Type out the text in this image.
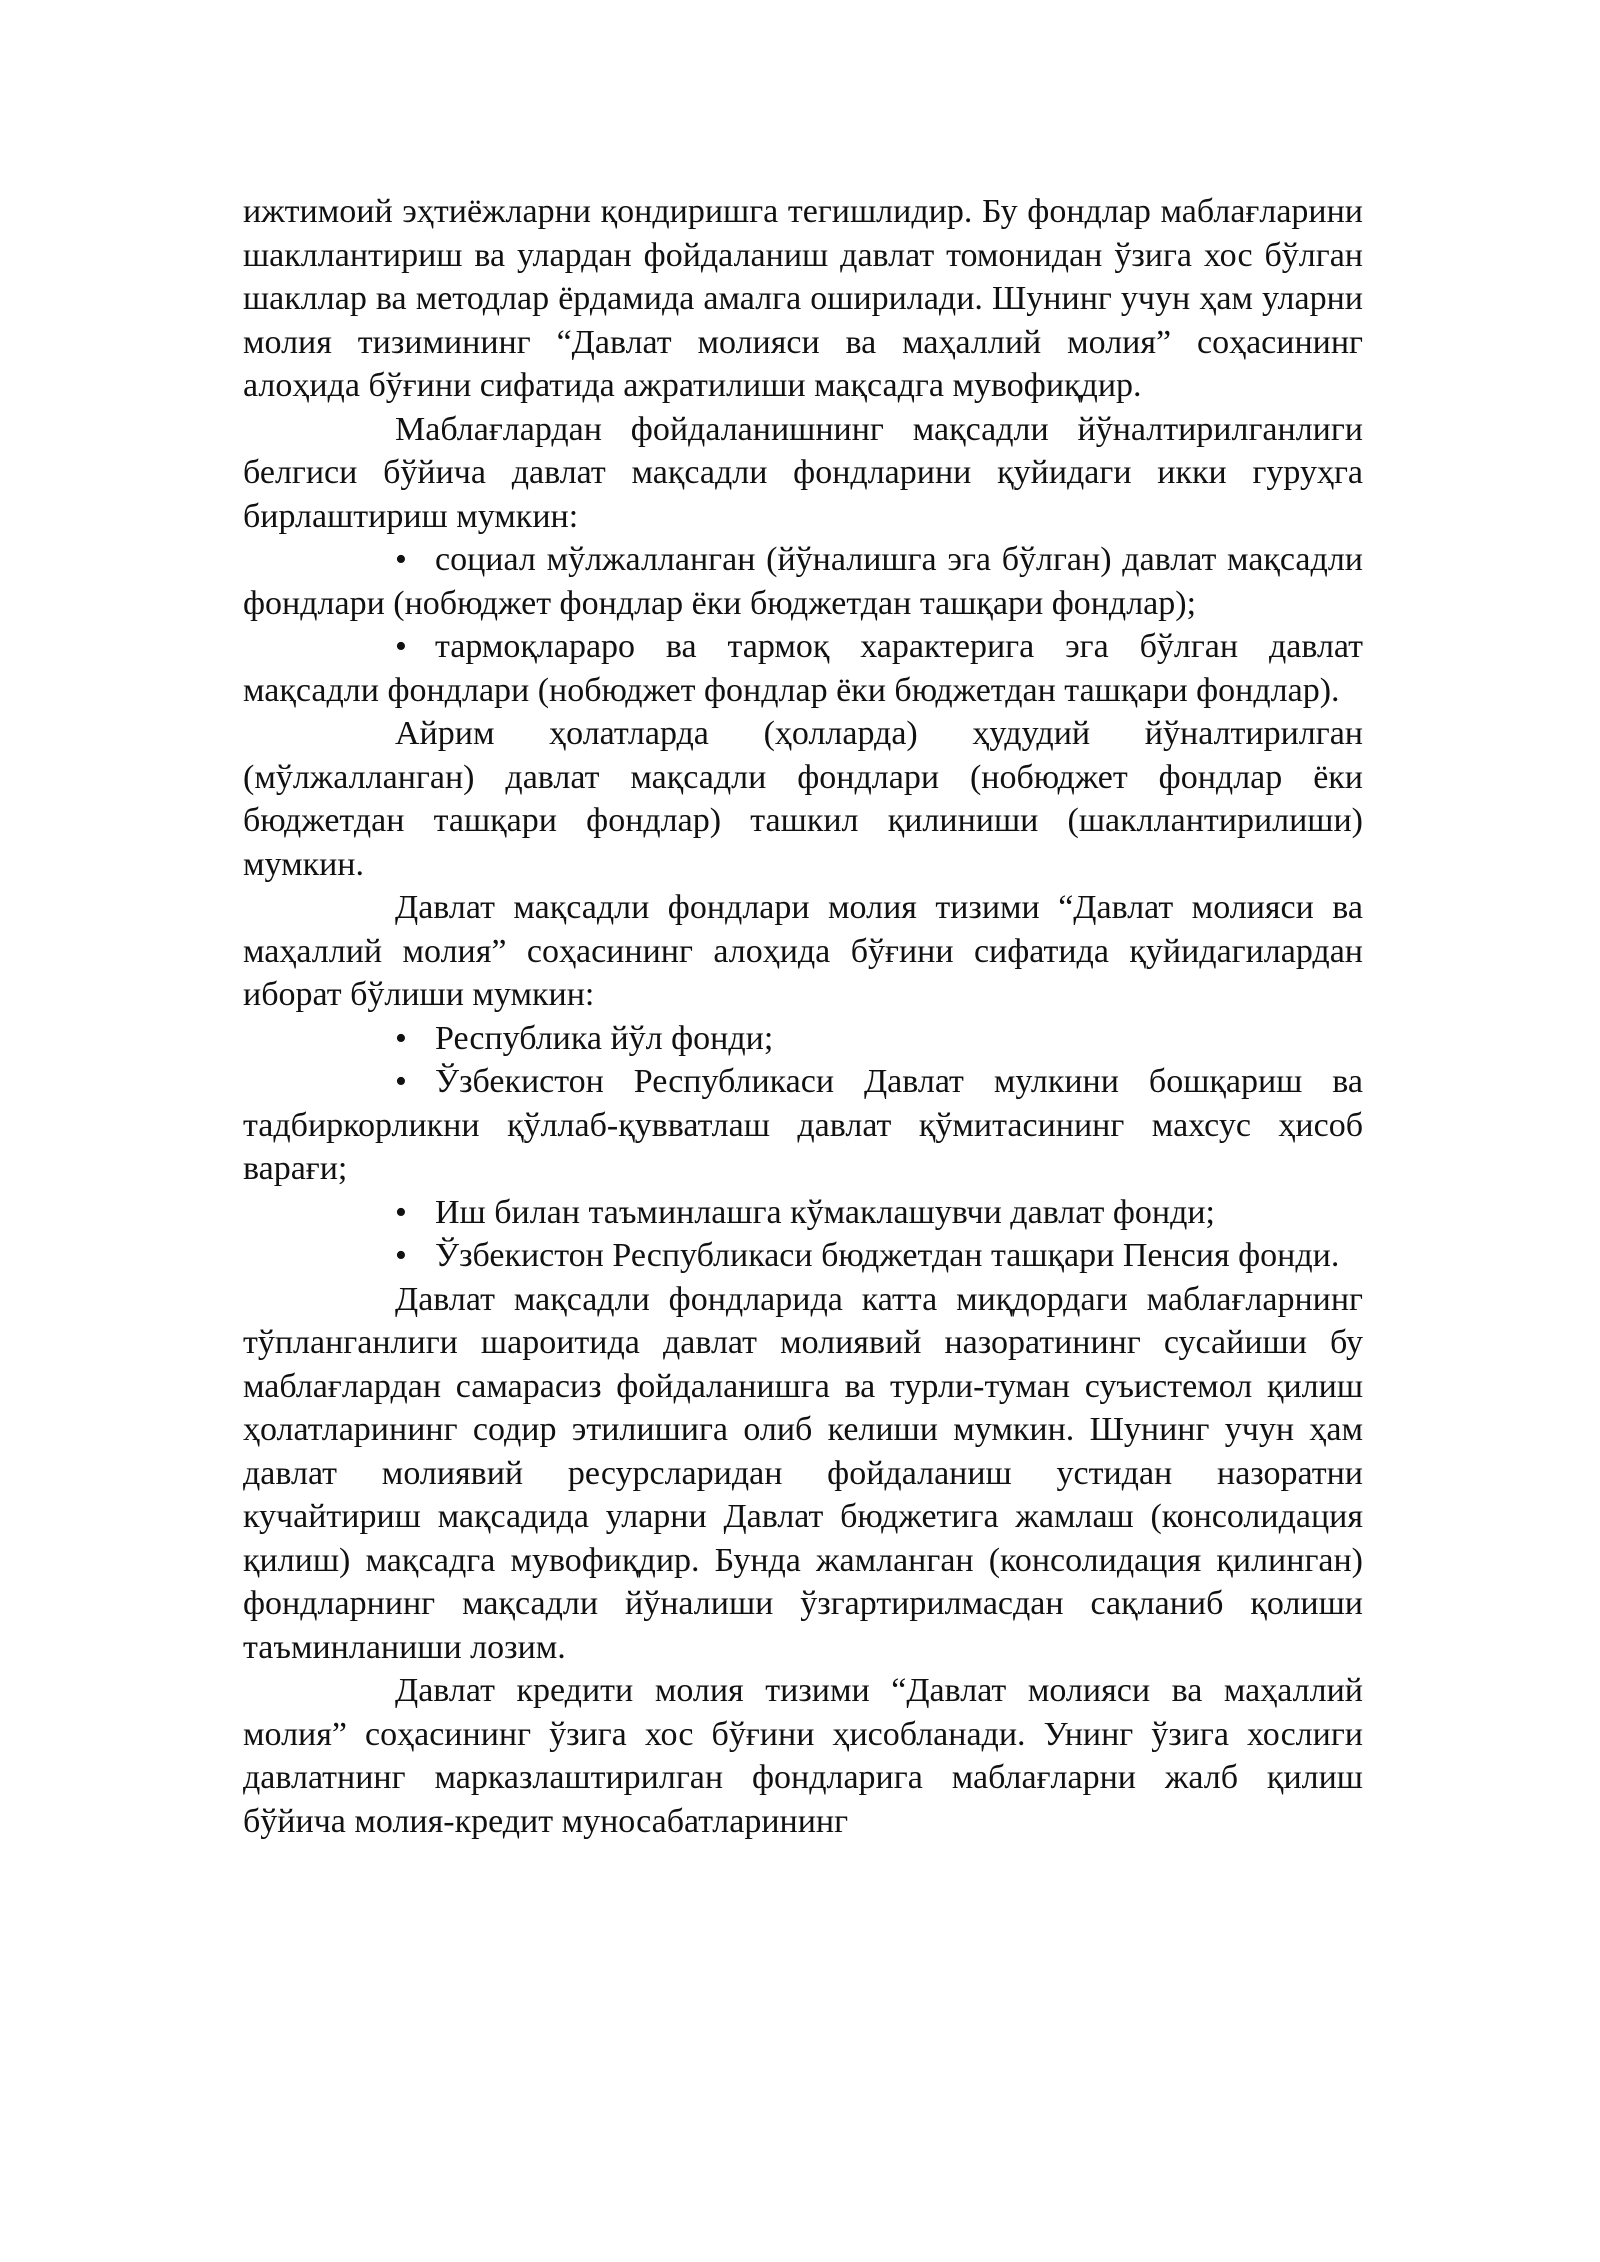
ижтимоий эҳтиёжларни қондиришга тегишлидир. Бу фондлар маблағларини шакллантириш ва улардан фойдаланиш давлат томонидан ўзига хос бўлган шакллар ва методлар ёрдамида амалга оширилади. Шунинг учун ҳам уларни молия тизимининг “Давлат молияси ва маҳаллий молия” соҳасининг алоҳида бўғини сифатида ажратилиши мақсадга мувофиқдир.

Маблағлардан фойдаланишнинг мақсадли йўналтирилганлиги белгиси бўйича давлат мақсадли фондларини қуйидаги икки гуруҳга бирлаштириш мумкин:

• социал мўлжалланган (йўналишга эга бўлган) давлат мақсадли фондлари (нобюджет фондлар ёки бюджетдан ташқари фондлар);

• тармоқлараро ва тармоқ характерига эга бўлган давлат мақсадли фондлари (нобюджет фондлар ёки бюджетдан ташқари фондлар).

Айрим ҳолатларда (ҳолларда) ҳудудий йўналтирилган (мўлжалланган) давлат мақсадли фондлари (нобюджет фондлар ёки бюджетдан ташқари фондлар) ташкил қилиниши (шакллантирилиши) мумкин.

Давлат мақсадли фондлари молия тизими “Давлат молияси ва маҳаллий молия” соҳасининг алоҳида бўғини сифатида қуйидагилардан иборат бўлиши мумкин:

• Республика йўл фонди;

• Ўзбекистон Республикаси Давлат мулкини бошқариш ва тадбиркорликни қўллаб-қувватлаш давлат қўмитасининг махсус ҳисоб варағи;

• Иш билан таъминлашга кўмаклашувчи давлат фонди;

• Ўзбекистон Республикаси бюджетдан ташқари Пенсия фонди.

Давлат мақсадли фондларида катта миқдордаги маблағларнинг тўпланганлиги шароитида давлат молиявий назоратининг сусайиши бу маблағлардан самарасиз фойдаланишга ва турли-туман суъистемол қилиш ҳолатларининг содир этилишига олиб келиши мумкин. Шунинг учун ҳам давлат молиявий ресурсларидан фойдаланиш устидан назоратни кучайтириш мақсадида уларни Давлат бюджетига жамлаш (консолидация қилиш) мақсадга мувофиқдир. Бунда жамланган (консолидация қилинган) фондларнинг мақсадли йўналиши ўзгартирилмасдан сақланиб қолиши таъминланиши лозим.

Давлат кредити молия тизими “Давлат молияси ва маҳаллий молия” соҳасининг ўзига хос бўғини ҳисобланади. Унинг ўзига хослиги давлатнинг марказлаштирилган фондларига маблағларни жалб қилиш бўйича молия-кредит муносабатларининг
